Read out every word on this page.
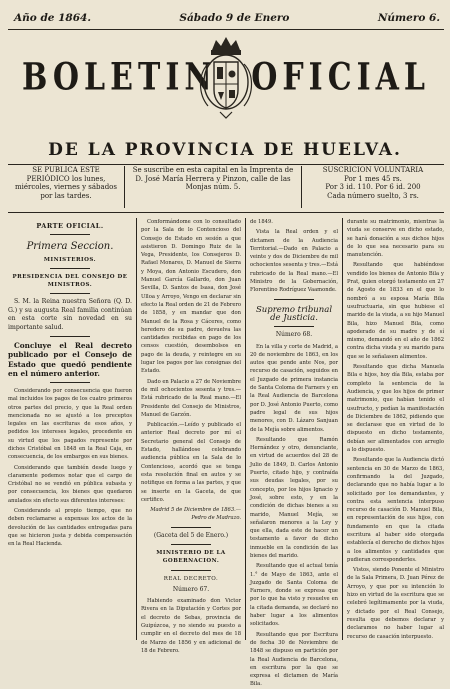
Año de 1864.	Sábado 9 de Enero	Número 6.
BOLETIN OFICIAL
DE LA PROVINCIA DE HUELVA.
SE PUBLICA ESTE PERIÓDICO los lunes, miércoles, viernes y sábados por las tardes.
Se suscribe en esta capital en la Imprenta de D. José María Herrera y Pinzon, calle de las Monjas núm. 5.
SUSCRICION VOLUNTARIA
Por 1 mes 45 rs.
Por 3 id. 110. Por 6 id. 200
Cada número suelto, 3 rs.
PARTE OFICIAL.
Primera Seccion.
MINISTERIOS.
PRESIDENCIA DEL CONSEJO DE MINISTROS.

S. M. la Reina nuestra Señora (Q. D. G.) y su augusta Real familia continúan en esta corte sin novedad en su importante salud.

Concluye el Real decreto publicado por el Consejo de Estado que quedó pendiente en el número anterior.

Considerando por consecuencia que fueron mal incluidos los pagos de los cuatro primeros otros partes del precio, y que la Real orden mencionada no se ajustó a los preceptos legales en las escrituras de esos años, y pedidos los intereses legales, procedente en su virtud que los pagados represente por dichos Cristóbal en 1848 en la Real Caja, en consecuencia, de los embargos en sus bienes.

Considerando que también desde luego y claramente podemos notar que el cargo de Cristóbal no se vendió en pública subasta y por consecuencia, los bienes que quedaron anulados sin efecto sus diferentes intereses:

Considerando al propio tiempo, que no deben reclamarse a expensas los actos de la devolución de las cantidades entregadas para que se hicieron justa y debida compensación en la Real Hacienda.

Conformándome con lo consultado por la Sala de lo Contencioso del Consejo de Estado en sesión a que asistieron D. Domingo Ruiz de la Vega, Presidente, los Consejeros D. Rafael Monares, D. Manuel de Sierra y Moya, don Antonio Escudero, don Manuel García Gallardo, don Juan Sevilla, D. Santos de Isasa, don José Ulloa y Arroyo, Vengo en declarar sin efecto la Real orden de 21 de Febrero de 1858, y en mandar que don Manuel de la Rosa y Cáceres, como heredero de su padre, devuelva las cantidades recibidas en pago de los censos cuestión, desembolsos en pago de la deuda, y reintegre en su lugar los pagos por las consignas del Estado.

Dado en Palacio a 27 de Noviembre de mil ochocientos sesenta y tres.—Está rubricado de la Real mano.—El Presidente del Consejo de Ministros, Manuel de Garzón.

Publicación.—Leído y publicado el anterior Real decreto por mí el Secretario general del Consejo de Estado, hallándose celebrando audiencia pública en la Sala de lo Contencioso, acordó que se tenga esta resolución final en autos y se notifique en forma a las partes, y que se inserte en la Gaceta, de que certifico.

Madrid 5 de Diciembre de 1863.—Pedro de Madrazo.
(Gaceta del 5 de Enero.)
MINISTERIO DE LA GOBERNACION.
REAL DECRETO.
Número 67.

Habiendo examinado don Victor Rivera en la Diputación y Cortes por el decreto de Sebas, provincia de Guipúzcoa, y no siendo su puesto a cumplir en el decreto del mes de 18 de Marzo de 1856 y en adicional de 18 de Febrero.

de 1849.

Vista la Real orden y el dictamen de la Audiencia Territorial.—Dado en Palacio a veinte y dos de Diciembre de mil ochocientos sesenta y tres.—Está rubricado de la Real mano.—El Ministro de la Gobernación, Florentino Rodríguez Vaamonde.

Supremo tribunal de Justicia.
Número 68.

En la villa y corte de Madrid, a 20 de noviembre de 1863, en los autos que pende ante Nos, por recurso de casación, seguidos en el Juzgado de primera instancia de Santa Coloma de Farners y en la Real Audiencia de Barcelona por D. José Antonio Puerto, como padre legal de sus hijos menores, con D. Lázaro Sanjuan de la Mejía sobre alimentos.

Resultando que Ramón Hernández y otro, denunciante, en virtud de acuerdos del 28 de Julio de 1849, D. Carlos Antonio Puerto, citado hijo, y contraída sus deudas legales, por su concepto, por los hijos Ignacio y José, sobre esto, y en la condición de dichas bienes a su marido, Manuel Mejía, se señalaron menores a la Ley y que ella, dada este de hacer un testamento a favor de dicho inmueble en la condición de las bienes del marido.

Resultando que el actual tenía 1.° de Mayo de 1863, ante el Juzgado de Santa Coloma de Farners, donde se expresa que por lo que ha visto y resuelve en la citada demanda, se declaró no haber lugar a los alimentos solicitados.

Resultando que por Escritura de fecha 30 de Noviembre de 1848 se dispuso en partición por la Real Audiencia de Barcelona, en escritura por la que se expresa el dictamen de María Bila.

durante su matrimonio, mientras la viuda se conserve en dicho estado, se hará donación a sus dichos hijos de lo que sea necesario para su manutención.

Resultando que habiéndose vendido los bienes de Antonio Bila y Prat, quien otorgó testamento en 27 de Agosto de 1833 en el que lo nombró a su esposa María Bila usufructuaria, sin que hubiese el marido de la viuda, a su hijo Manuel Bila, hizo Manuel Bila, como apoderado de su madre y de sí mismo, demandó en el año de 1862 contra dicha viuda y su marido para que se le señalasen alimentos.

Resultando que dicha Manuela Bila e hijos, hoy día Bila, estaba por completo la sentencia de la Audiencia, y que los hijos de primer matrimonio, que habían tenido el usufructo, y pedían la manifestación de Diciembre de 1862, pidiendo que se declarase que en virtud de lo dispuesto en dicho testamento, debían ser alimentados con arreglo a lo dispuesto.

Resultando que la Audiencia dictó sentencia en 30 de Marzo de 1863, confirmando la del Juzgado, declarando que no había lugar a lo solicitado por los demandantes, y contra esta sentencia interpuso recurso de casación D. Manuel Bila, en representación de sus hijos, con fundamento en que la citada escritura al haber sido otorgada establecía el derecho de dichos hijos a los alimentos y cantidades que pudieran corresponderles.

Vistos, siendo Ponente el Ministro de la Sala Primera, D. Juan Pérez de Arroyo, y que por su intención lo hizo en virtud de la escritura que se celebró legítimamente por la viuda, y dictado por el Real Consejo, resulta que debemos declarar y declaramos no haber lugar al recurso de casación interpuesto.
